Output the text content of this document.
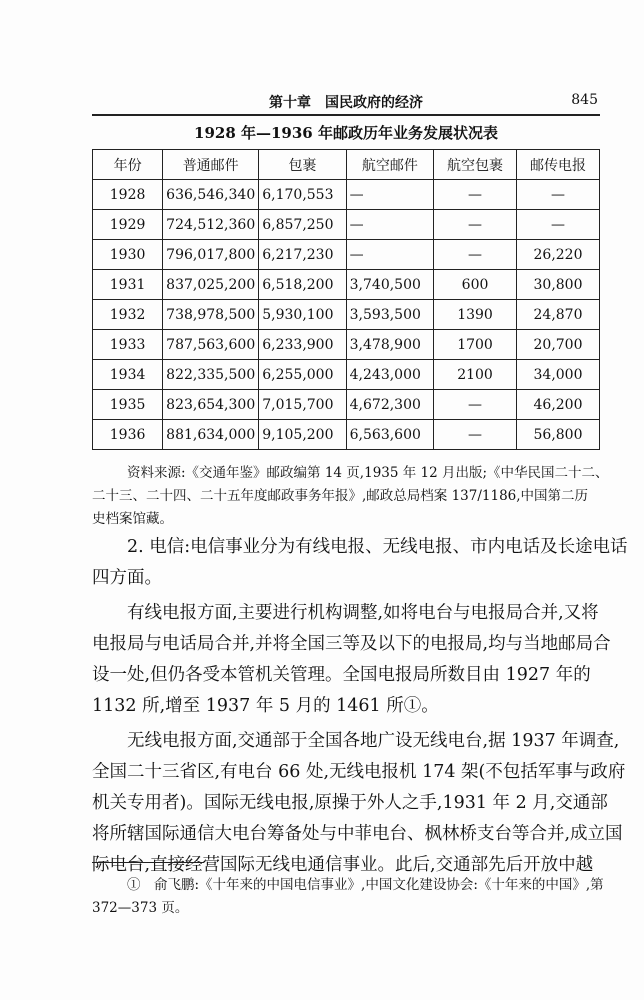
第十章　国民政府的经济	845
1928 年—1936 年邮政历年业务发展状况表
年份	普通邮件	包裹	航空邮件	航空包裹	邮传电报
1928	636,546,340	6,170,553	—	—	—
1929	724,512,360	6,857,250	—	—	—
1930	796,017,800	6,217,230	—	—	26,220
1931	837,025,200	6,518,200	3,740,500	600	30,800
1932	738,978,500	5,930,100	3,593,500	1390	24,870
1933	787,563,600	6,233,900	3,478,900	1700	20,700
1934	822,335,500	6,255,000	4,243,000	2100	34,000
1935	823,654,300	7,015,700	4,672,300	—	46,200
1936	881,634,000	9,105,200	6,563,600	—	56,800
资料来源:《交通年鉴》邮政编第 14 页,1935 年 12 月出版;《中华民国二十二、
二十三、二十四、二十五年度邮政事务年报》,邮政总局档案 137/1186,中国第二历
史档案馆藏。
2. 电信:电信事业分为有线电报、无线电报、市内电话及长途电话
四方面。
有线电报方面,主要进行机构调整,如将电台与电报局合并,又将
电报局与电话局合并,并将全国三等及以下的电报局,均与当地邮局合
设一处,但仍各受本管机关管理。全国电报局所数目由 1927 年的
1132 所,增至 1937 年 5 月的 1461 所①。
无线电报方面,交通部于全国各地广设无线电台,据 1937 年调查,
全国二十三省区,有电台 66 处,无线电报机 174 架(不包括军事与政府
机关专用者)。国际无线电报,原操于外人之手,1931 年 2 月,交通部
将所辖国际通信大电台筹备处与中菲电台、枫林桥支台等合并,成立国
际电台,直接经营国际无线电通信事业。此后,交通部先后开放中越
①　俞飞鹏:《十年来的中国电信事业》,中国文化建设协会:《十年来的中国》,第
372—373 页。
